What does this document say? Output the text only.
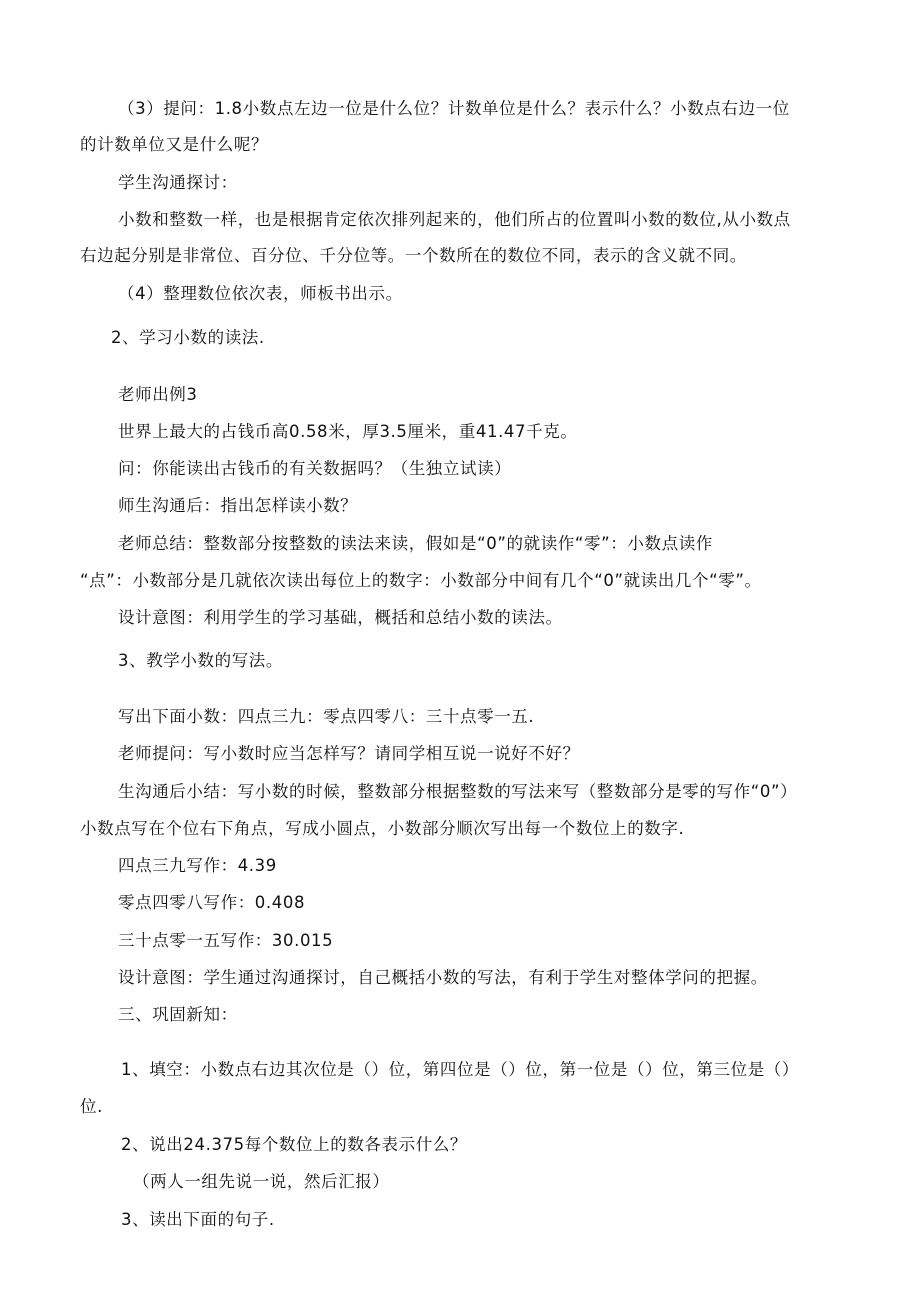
（3）提问：1.8小数点左边一位是什么位？计数单位是什么？表示什么？小数点右边一位
的计数单位又是什么呢？
学生沟通探讨：
小数和整数一样，也是根据肯定依次排列起来的，他们所占的位置叫小数的数位,从小数点
右边起分别是非常位、百分位、千分位等。一个数所在的数位不同，表示的含义就不同。
（4）整理数位依次表，师板书出示。
2、学习小数的读法.
老师出例3
世界上最大的占钱币高0.58米，厚3.5厘米，重41.47千克。
问：你能读出古钱币的有关数据吗？（生独立试读）
师生沟通后：指出怎样读小数？
老师总结：整数部分按整数的读法来读，假如是“0”的就读作“零”：小数点读作
“点”：小数部分是几就依次读出每位上的数字：小数部分中间有几个“0”就读出几个“零”。
设计意图：利用学生的学习基础，概括和总结小数的读法。
3、教学小数的写法。
写出下面小数：四点三九：零点四零八：三十点零一五.
老师提问：写小数时应当怎样写？请同学相互说一说好不好？
生沟通后小结：写小数的时候，整数部分根据整数的写法来写（整数部分是零的写作“0”）
小数点写在个位右下角点，写成小圆点，小数部分顺次写出每一个数位上的数字.
四点三九写作：4.39
零点四零八写作：0.408
三十点零一五写作：30.015
设计意图：学生通过沟通探讨，自己概括小数的写法，有利于学生对整体学问的把握。
三、巩固新知：
1、填空：小数点右边其次位是（）位，第四位是（）位，第一位是（）位，第三位是（）
位.
2、说出24.375每个数位上的数各表示什么？
（两人一组先说一说，然后汇报）
3、读出下面的句子.
